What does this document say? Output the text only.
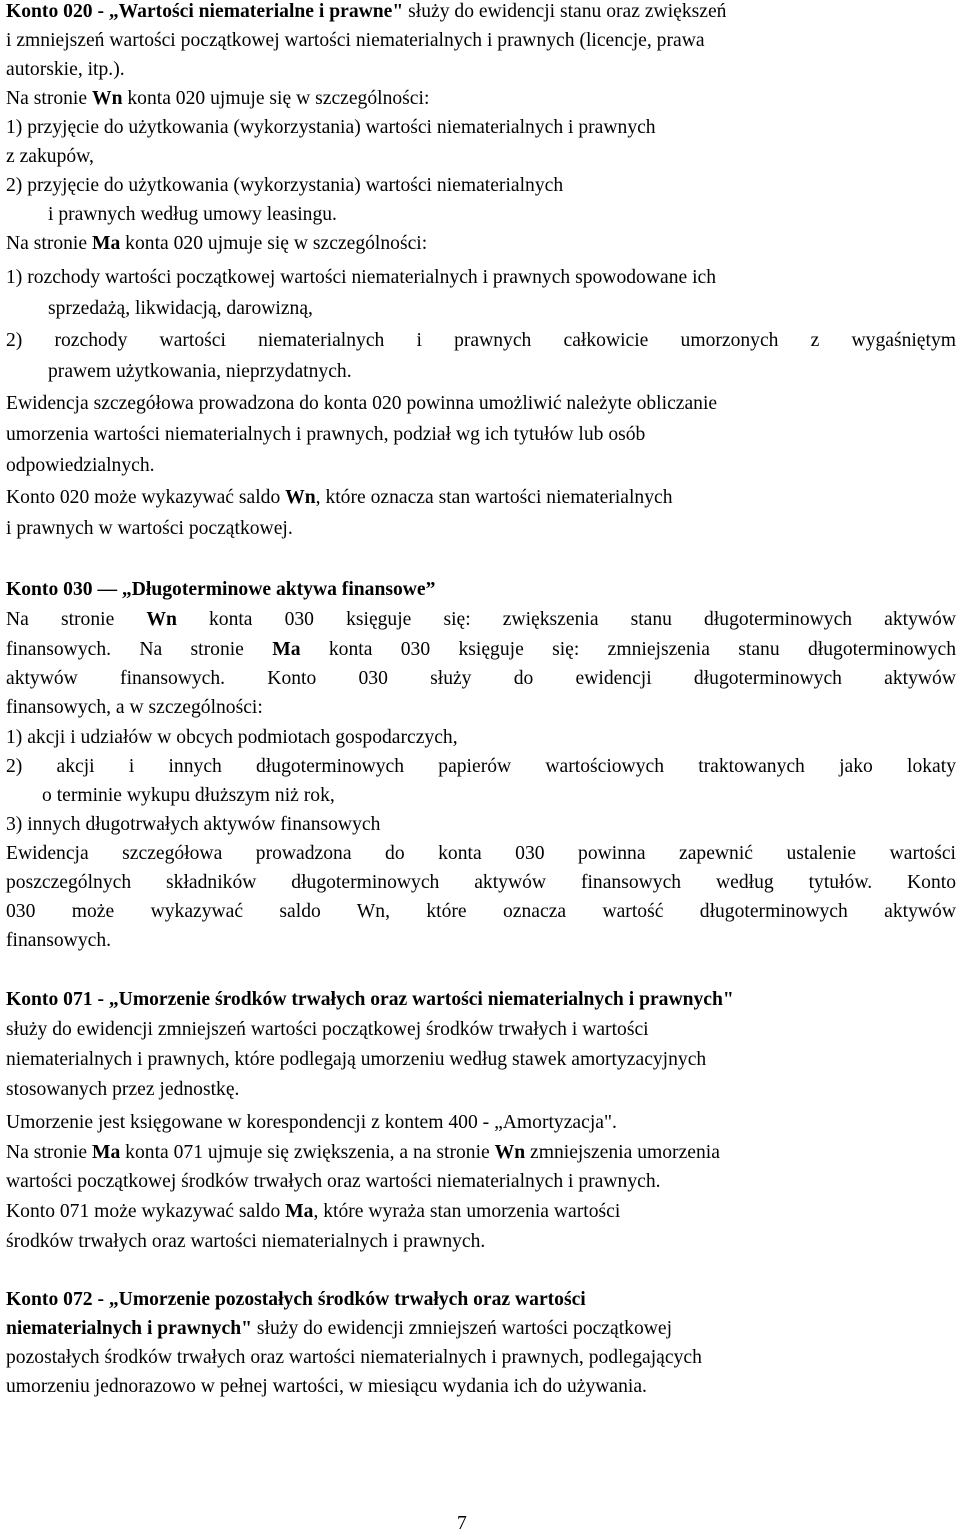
Konto 020 - „Wartości niematerialne i prawne" służy do ewidencji stanu oraz zwiększeń
i zmniejszeń wartości początkowej wartości niematerialnych i prawnych (licencje, prawa
autorskie, itp.).
Na stronie Wn konta 020 ujmuje się w szczególności:
1) przyjęcie do użytkowania (wykorzystania) wartości niematerialnych i prawnych
z zakupów,
2) przyjęcie do użytkowania (wykorzystania) wartości niematerialnych
i prawnych według umowy leasingu.
Na stronie Ma konta 020 ujmuje się w szczególności:
1) rozchody wartości początkowej wartości niematerialnych i prawnych spowodowane ich
sprzedażą, likwidacją, darowizną,
2) rozchody wartości niematerialnych i prawnych całkowicie umorzonych z wygaśniętym
prawem użytkowania, nieprzydatnych.
Ewidencja szczegółowa prowadzona do konta 020 powinna umożliwić należyte obliczanie
umorzenia wartości niematerialnych i prawnych, podział wg ich tytułów lub osób
odpowiedzialnych.
Konto 020 może wykazywać saldo Wn, które oznacza stan wartości niematerialnych
i prawnych w wartości początkowej.
Konto 030 — „Długoterminowe aktywa finansowe”
Na stronie Wn konta 030 księguje się: zwiększenia stanu długoterminowych aktywów
finansowych. Na stronie Ma konta 030 księguje się: zmniejszenia stanu długoterminowych
aktywów finansowych. Konto 030 służy do ewidencji długoterminowych aktywów
finansowych, a w szczególności:
1) akcji i udziałów w obcych podmiotach gospodarczych,
2) akcji i innych długoterminowych papierów wartościowych traktowanych jako lokaty
o terminie wykupu dłuższym niż rok,
3) innych długotrwałych aktywów finansowych
Ewidencja szczegółowa prowadzona do konta 030 powinna zapewnić ustalenie wartości
poszczególnych składników długoterminowych aktywów finansowych według tytułów. Konto
030 może wykazywać saldo Wn, które oznacza wartość długoterminowych aktywów
finansowych.
Konto 071 - „Umorzenie środków trwałych oraz wartości niematerialnych i prawnych"
służy do ewidencji zmniejszeń wartości początkowej środków trwałych i wartości
niematerialnych i prawnych, które podlegają umorzeniu według stawek amortyzacyjnych
stosowanych przez jednostkę.
Umorzenie jest księgowane w korespondencji z kontem 400 - „Amortyzacja".
Na stronie Ma konta 071 ujmuje się zwiększenia, a na stronie Wn zmniejszenia umorzenia
wartości początkowej środków trwałych oraz wartości niematerialnych i prawnych.
Konto 071 może wykazywać saldo Ma, które wyraża stan umorzenia wartości
środków trwałych oraz wartości niematerialnych i prawnych.
Konto 072 - „Umorzenie pozostałych środków trwałych oraz wartości
niematerialnych i prawnych" służy do ewidencji zmniejszeń wartości początkowej
pozostałych środków trwałych oraz wartości niematerialnych i prawnych, podlegających
umorzeniu jednorazowo w pełnej wartości, w miesiącu wydania ich do używania.
7
